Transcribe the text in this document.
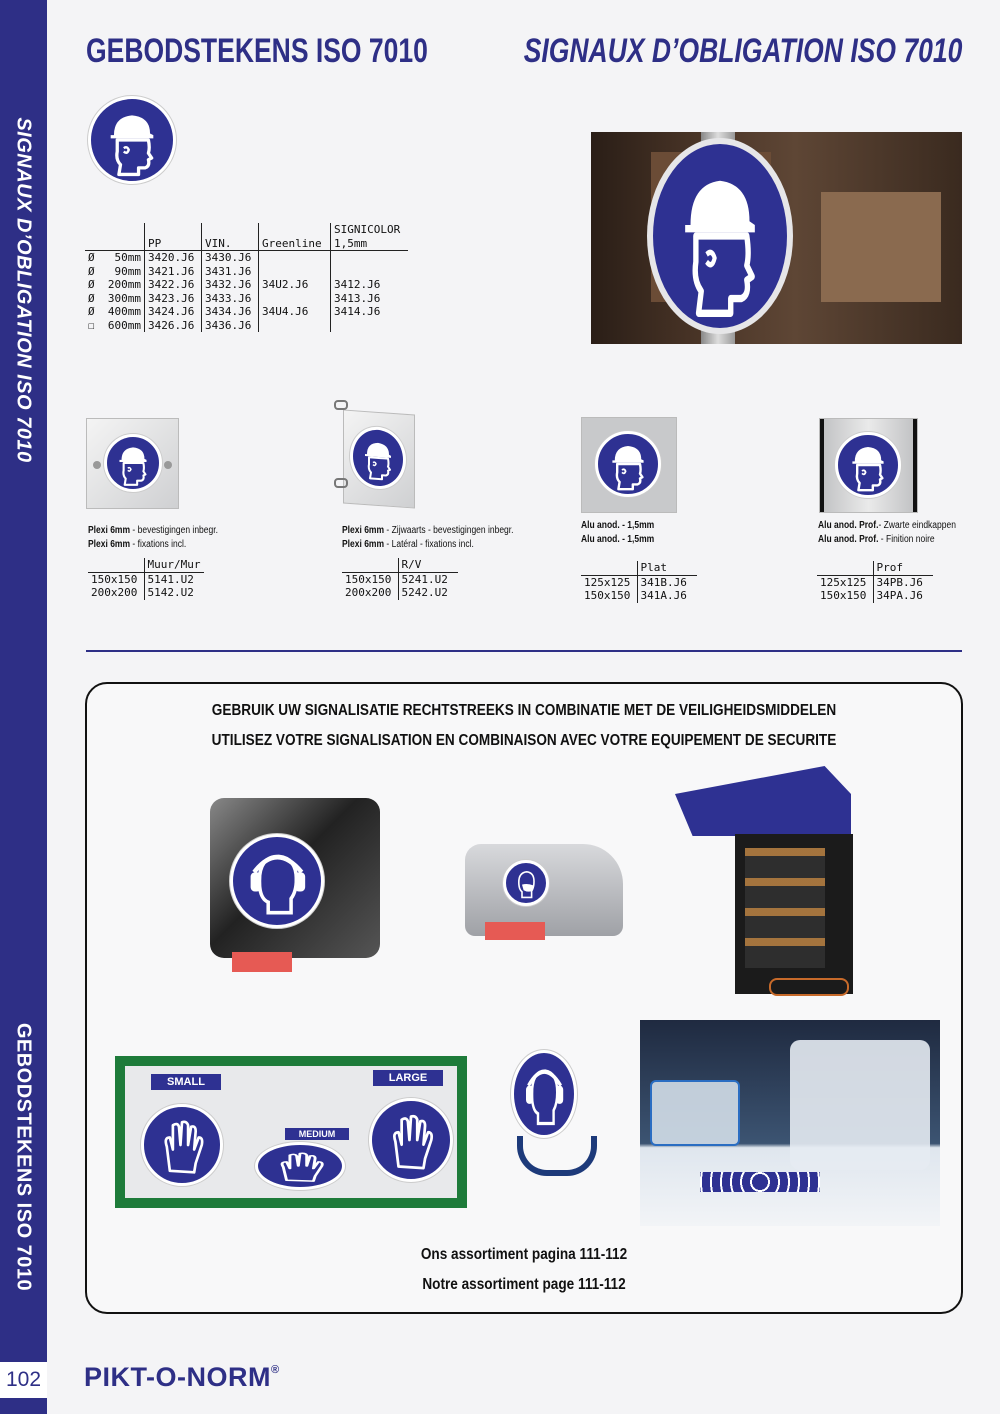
SIGNAUX D’OBLIGATION ISO 7010
GEBODSTEKENS ISO 7010
102
GEBODSTEKENS ISO 7010	SIGNAUX D’OBLIGATION ISO 7010
	PP	VIN.	Greenline	SIGNICOLOR
1,5mm

Ø   50mm	3420.J6	3430.J6		
Ø   90mm	3421.J6	3431.J6		
Ø  200mm	3422.J6	3432.J6	34U2.J6	3412.J6
Ø  300mm	3423.J6	3433.J6		3413.J6
Ø  400mm	3424.J6	3434.J6	34U4.J6	3414.J6
☐  600mm	3426.J6	3436.J6		
Plexi 6mm - bevestigingen inbegr.
Plexi 6mm - fixations incl.
	Muur/Mur
150x150	5141.U2
200x200	5142.U2
Plexi 6mm - Zijwaarts - bevestigingen inbegr.
Plexi 6mm - Latéral - fixations incl.
	R/V
150x150	5241.U2
200x200	5242.U2
Alu anod. - 1,5mm
Alu anod. - 1,5mm
	Plat
125x125	341B.J6
150x150	341A.J6
Alu anod. Prof.- Zwarte eindkappen
Alu anod. Prof. - Finition noire
	Prof
125x125	34PB.J6
150x150	34PA.J6
GEBRUIK UW SIGNALISATIE RECHTSTREEKS IN COMBINATIE MET DE VEILIGHEIDSMIDDELEN
UTILISEZ VOTRE SIGNALISATION EN COMBINAISON AVEC VOTRE EQUIPEMENT DE SECURITE
SMALL
MEDIUM
LARGE
Ons assortiment pagina 111-112
Notre assortiment page 111-112
PIKT-O-NORM®
